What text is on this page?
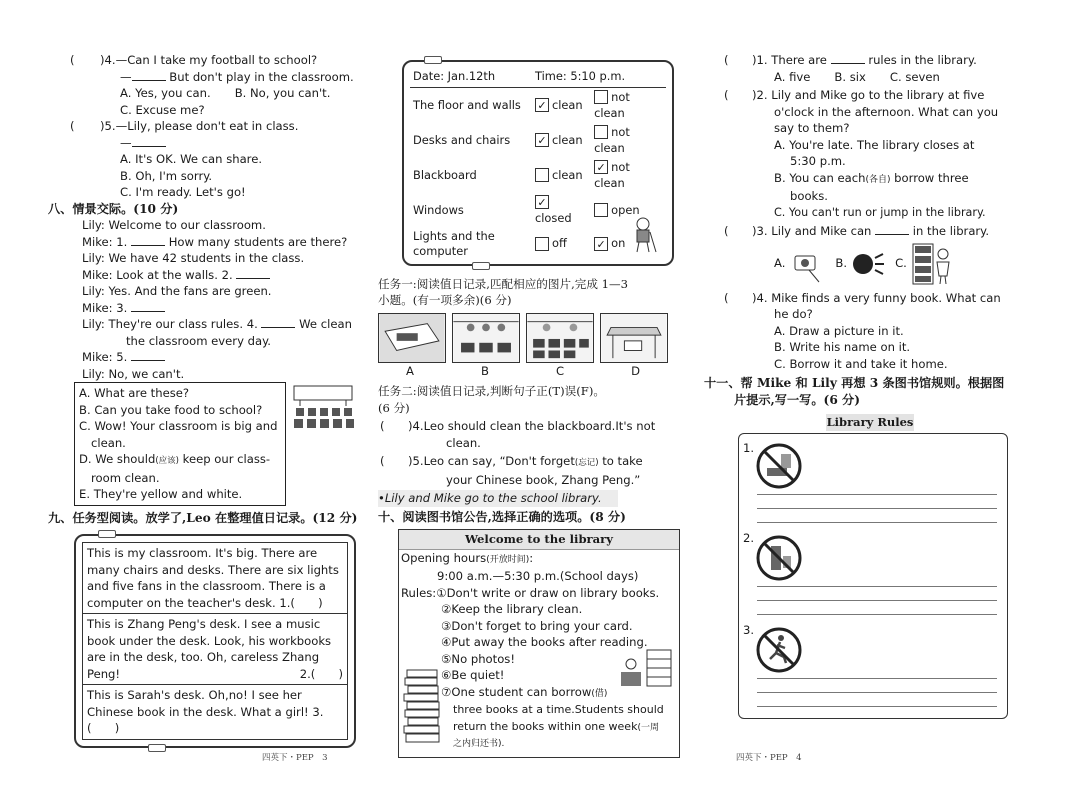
( )4.—Can I take my football to school?
—	But don't play in the classroom.
A. Yes, you can. B. No, you can't.
C. Excuse me?
( )5.—Lily, please don't eat in class.
—
A. It's OK. We can share.
B. Oh, I'm sorry.
C. I'm ready. Let's go!
八、情景交际。(10 分)
Lily: Welcome to our classroom.
Mike: 1.	How many students are there?
Lily: We have 42 students in the class.
Mike: Look at the walls. 2.
Lily: Yes. And the fans are green.
Mike: 3.
Lily: They're our class rules. 4.	We clean
the classroom every day.
Mike: 5.
Lily: No, we can't.
A. What are these?
B. Can you take food to school?
C. Wow! Your classroom is big and
clean.
D. We should(应该) keep our class-
room clean.
E. They're yellow and white.
九、任务型阅读。放学了,Leo 在整理值日记录。(12 分)

This is my classroom. It's big. There are many chairs and desks. There are six lights and five fans in the classroom. There is a computer on the teacher's desk. 1.(　　)

This is Zhang Peng's desk. I see a music book under the desk. Look, his workbooks are in the desk, too. Oh, careless Zhang Peng!	2.(　　)

This is Sarah's desk. Oh,no! I see her Chinese book in the desk. What a girl! 3.(　　)

Date: Jan.12th		Time: 5:10 p.m.	
The floor and walls		✓ clean	not clean
Desks and chairs		✓ clean	not clean
Blackboard		clean	✓ not clean
Windows		✓closed	open
Lights and the computer		off	✓ on
任务一:阅读值日记录,匹配相应的图片,完成 1—3
小题。(有一项多余)(6 分)
A	B	C	D
任务二:阅读值日记录,判断句子正(T)误(F)。
(6 分)
( )4.Leo should clean the blackboard.It's not
clean.
( )5.Leo can say, “Don't forget(忘记) to take
your Chinese book, Zhang Peng.”
•Lily and Mike go to the school library.
十、阅读图书馆公告,选择正确的选项。(8 分)
Welcome to the library
Opening hours(开放时间):
9:00 a.m.—5:30 p.m.(School days)
Rules:①Don't write or draw on library books.
②Keep the library clean.
③Don't forget to bring your card.
④Put away the books after reading.
⑤No photos!
⑥Be quiet!
⑦One student can borrow(借)
three books at a time.Students should
return the books within one week(一周
之内归还书).
( )1. There are	rules in the library.
A. five B. six C. seven
( )2. Lily and Mike go to the library at five
o'clock in the afternoon. What can you
say to them?
A. You're late. The library closes at
5:30 p.m.
B. You can each(各自) borrow three
books.
C. You can't run or jump in the library.
( )3. Lily and Mike can	in the library.
A.	B.	C.
( )4. Mike finds a very funny book. What can
he do?
A. Draw a picture in it.
B. Write his name on it.
C. Borrow it and take it home.
十一、帮 Mike 和 Lily 再想 3 条图书馆规则。根据图
片提示,写一写。(6 分)
Library Rules
1.
2.
3.
四英下・PEP　3	四英下・PEP　4
